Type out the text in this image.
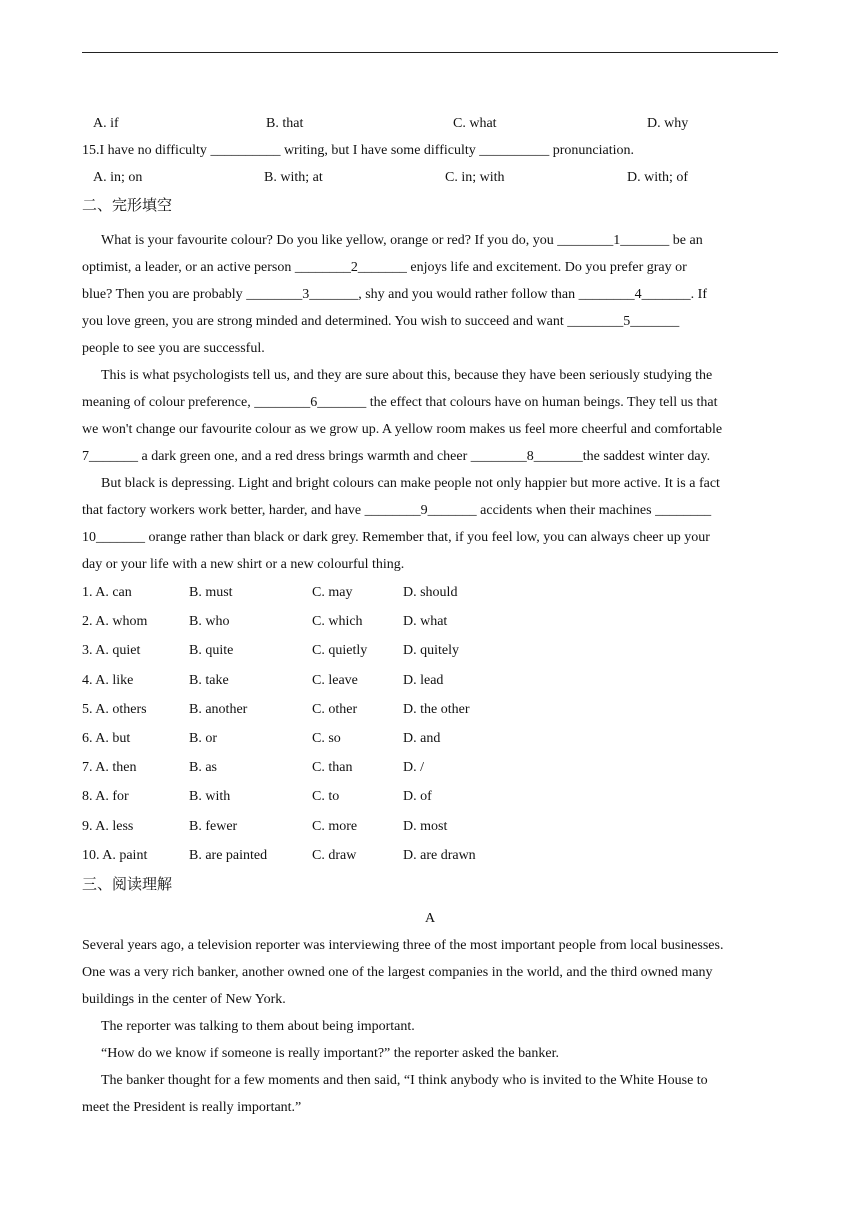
A. if	B. that	C. what	D. why
15.I have no difficulty __________ writing, but I have some difficulty __________ pronunciation.
A. in; on	B. with; at	C. in; with	D. with; of
二、完形填空
What is your favourite colour? Do you like yellow, orange or red? If you do, you ________1_______ be an
optimist, a leader, or an active person ________2_______ enjoys life and excitement. Do you prefer gray or
blue? Then you are probably ________3_______, shy and you would rather follow than ________4_______. If
you love green, you are strong minded and determined. You wish to succeed and want ________5_______
people to see you are successful.
This is what psychologists tell us, and they are sure about this, because they have been seriously studying the
meaning of colour preference, ________6_______ the effect that colours have on human beings. They tell us that
we won't change our favourite colour as we grow up. A yellow room makes us feel more cheerful and comfortable
7_______ a dark green one, and a red dress brings warmth and cheer ________8_______the saddest winter day.
But black is depressing. Light and bright colours can make people not only happier but more active. It is a fact
that factory workers work better, harder, and have ________9_______ accidents when their machines ________
10_______ orange rather than black or dark grey. Remember that, if you feel low, you can always cheer up your
day or your life with a new shirt or a new colourful thing.
1. A. can	B. must	C. may	D. should
2. A. whom	B. who	C. which	D. what
3. A. quiet	B. quite	C. quietly	D. quitely
4. A. like	B. take	C. leave	D. lead
5. A. others	B. another	C. other	D. the other
6. A. but	B. or	C. so	D. and
7. A. then	B. as	C. than	D. /
8. A. for	B. with	C. to	D. of
9. A. less	B. fewer	C. more	D. most
10. A. paint	B. are painted	C. draw	D. are drawn
三、阅读理解
A
Several years ago, a television reporter was interviewing three of the most important people from local businesses.
One was a very rich banker, another owned one of the largest companies in the world, and the third owned many
buildings in the center of New York.
The reporter was talking to them about being important.
“How do we know if someone is really important?” the reporter asked the banker.
The banker thought for a few moments and then said, “I think anybody who is invited to the White House to
meet the President is really important.”
